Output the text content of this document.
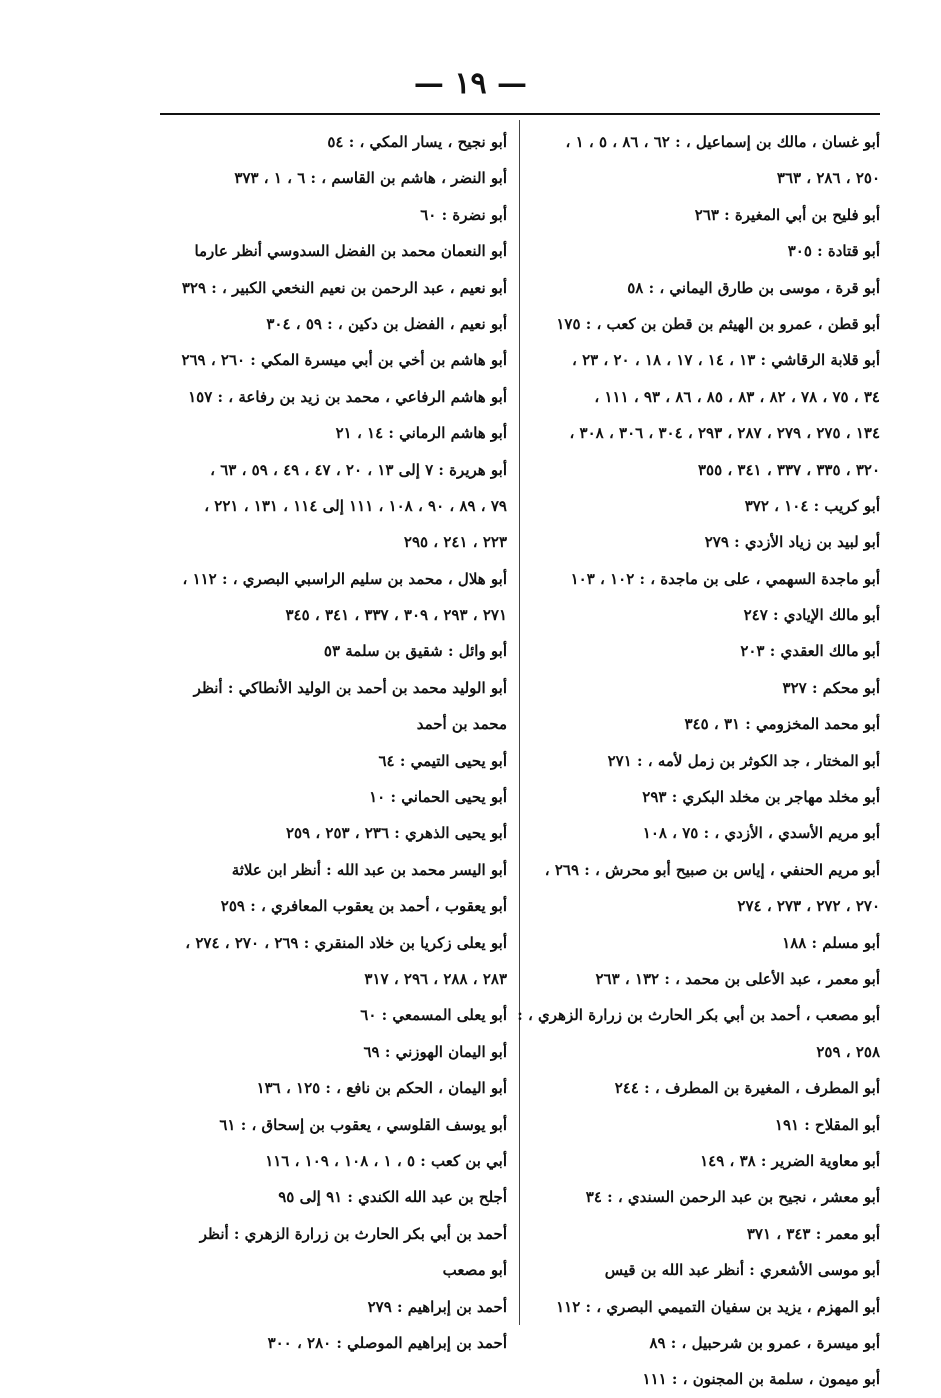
— ١٩ —
أبو غسان ، مالك بن إسماعيل ، : ٦٢ ، ٨٦ ، ٥ ، ١ ،
٢٥٠ ، ٢٨٦ ، ٣٦٣
أبو فليح بن أبي المغيرة : ٢٦٣
أبو قتادة : ٣٠٥
أبو قرة ، موسى بن طارق اليماني ، : ٥٨
أبو قطن ، عمرو بن الهيثم بن قطن بن كعب ، : ١٧٥
أبو قلابة الرقاشي : ١٣ ، ١٤ ، ١٧ ، ١٨ ، ٢٠ ، ٢٣ ،
٣٤ ، ٧٥ ، ٧٨ ، ٨٢ ، ٨٣ ، ٨٥ ، ٨٦ ، ٩٣ ، ١١١ ،
١٣٤ ، ٢٧٥ ، ٢٧٩ ، ٢٨٧ ، ٢٩٣ ، ٣٠٤ ، ٣٠٦ ، ٣٠٨ ،
٣٢٠ ، ٣٣٥ ، ٣٣٧ ، ٣٤١ ، ٣٥٥
أبو كريب : ١٠٤ ، ٣٧٢
أبو لبيد بن زياد الأزدي : ٢٧٩
أبو ماجدة السهمي ، على بن ماجدة ، : ١٠٢ ، ١٠٣
أبو مالك الإيادي : ٢٤٧
أبو مالك العقدي : ٢٠٣
أبو محكم : ٣٢٧
أبو محمد المخزومي : ٣١ ، ٣٤٥
أبو المختار ، جد الكوثر بن زمل لأمه ، : ٢٧١
أبو مخلد مهاجر بن مخلد البكري : ٢٩٣
أبو مريم الأسدي ، الأزدي ، : ٧٥ ، ١٠٨
أبو مريم الحنفي ، إياس بن صبيح أبو محرش ، : ٢٦٩ ،
٢٧٠ ، ٢٧٢ ، ٢٧٣ ، ٢٧٤
أبو مسلم : ١٨٨
أبو معمر ، عبد الأعلى بن محمد ، : ١٣٢ ، ٢٦٣
أبو مصعب ، أحمد بن أبي بكر الحارث بن زرارة الزهري ، :
٢٥٨ ، ٢٥٩
أبو المطرف ، المغيرة بن المطرف ، : ٢٤٤
أبو المقلاح : ١٩١
أبو معاوية الضرير : ٣٨ ، ١٤٩
أبو معشر ، نجيح بن عبد الرحمن السندي ، : ٣٤
أبو معمر : ٣٤٣ ، ٣٧١
أبو موسى الأشعري : أنظر عبد الله بن قيس
أبو المهزم ، يزيد بن سفيان التميمي البصري ، : ١١٢
أبو ميسرة ، عمرو بن شرحبيل ، : ٨٩
أبو ميمون ، سلمة بن المجنون ، : ١١١
أبو نجيح ، يسار المكي ، : ٥٤
أبو النضر ، هاشم بن القاسم ، : ٦ ، ١ ، ٣٧٣
أبو نضرة : ٦٠
أبو النعمان محمد بن الفضل السدوسي أنظر عارما
أبو نعيم ، عبد الرحمن بن نعيم النخعي الكبير ، : ٣٢٩
أبو نعيم ، الفضل بن دكين ، : ٥٩ ، ٣٠٤
أبو هاشم بن أخي بن أبي ميسرة المكي : ٢٦٠ ، ٢٦٩
أبو هاشم الرفاعي ، محمد بن زيد بن رفاعة ، : ١٥٧
أبو هاشم الرماني : ١٤ ، ٢١
أبو هريرة : ٧ إلى ١٣ ، ٢٠ ، ٤٧ ، ٤٩ ، ٥٩ ، ٦٣ ،
٧٩ ، ٨٩ ، ٩٠ ، ١٠٨ ، ١١١ إلى ١١٤ ، ١٣١ ، ٢٢١ ،
٢٢٣ ، ٢٤١ ، ٢٩٥
أبو هلال ، محمد بن سليم الراسبي البصري ، : ١١٢ ،
٢٧١ ، ٢٩٣ ، ٣٠٩ ، ٣٣٧ ، ٣٤١ ، ٣٤٥
أبو وائل : شقيق بن سلمة ٥٣
أبو الوليد محمد بن أحمد بن الوليد الأنطاكي : أنظر
محمد بن أحمد
أبو يحيى التيمي : ٦٤
أبو يحيى الحماني : ١٠
أبو يحيى الذهري : ٢٣٦ ، ٢٥٣ ، ٢٥٩
أبو اليسر محمد بن عبد الله : أنظر ابن علاثة
أبو يعقوب ، أحمد بن يعقوب المعافري ، : ٢٥٩
أبو يعلى زكريا بن خلاد المنقري : ٢٦٩ ، ٢٧٠ ، ٢٧٤ ،
٢٨٣ ، ٢٨٨ ، ٢٩٦ ، ٣١٧
أبو يعلى المسمعي : ٦٠
أبو اليمان الهوزني : ٦٩
أبو اليمان ، الحكم بن نافع ، : ١٢٥ ، ١٣٦
أبو يوسف القلوسي ، يعقوب بن إسحاق ، : ٦١
أبي بن كعب : ٥ ، ١ ، ١٠٨ ، ١٠٩ ، ١١٦
أجلح بن عبد الله الكندي : ٩١ إلى ٩٥
أحمد بن أبي بكر الحارث بن زرارة الزهري : أنظر
أبو مصعب
أحمد بن إبراهيم : ٢٧٩
أحمد بن إبراهيم الموصلي : ٢٨٠ ، ٣٠٠
